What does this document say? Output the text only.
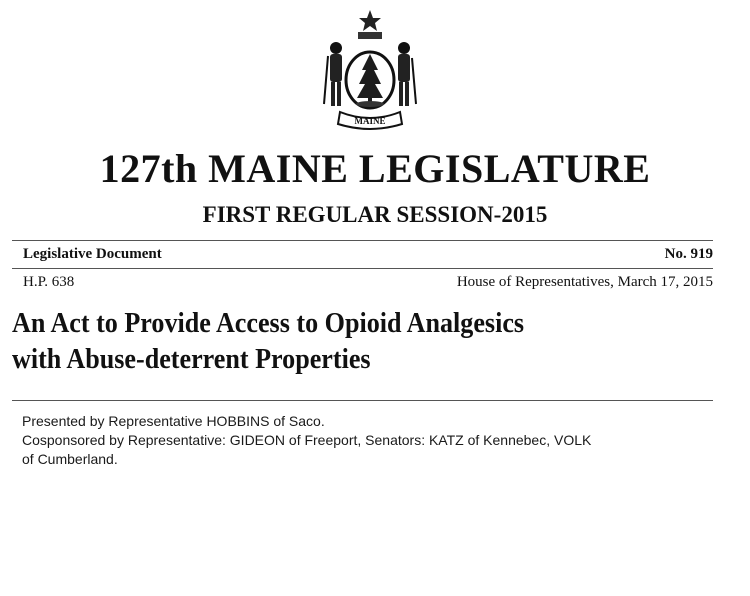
MAINE
127th MAINE LEGISLATURE
FIRST REGULAR SESSION-2015
Legislative Document	No. 919
H.P. 638	House of Representatives, March 17, 2015
An Act to Provide Access to Opioid Analgesics
with Abuse-deterrent Properties
Presented by Representative HOBBINS of Saco.
Cosponsored by Representative: GIDEON of Freeport, Senators: KATZ of Kennebec, VOLK
of Cumberland.
